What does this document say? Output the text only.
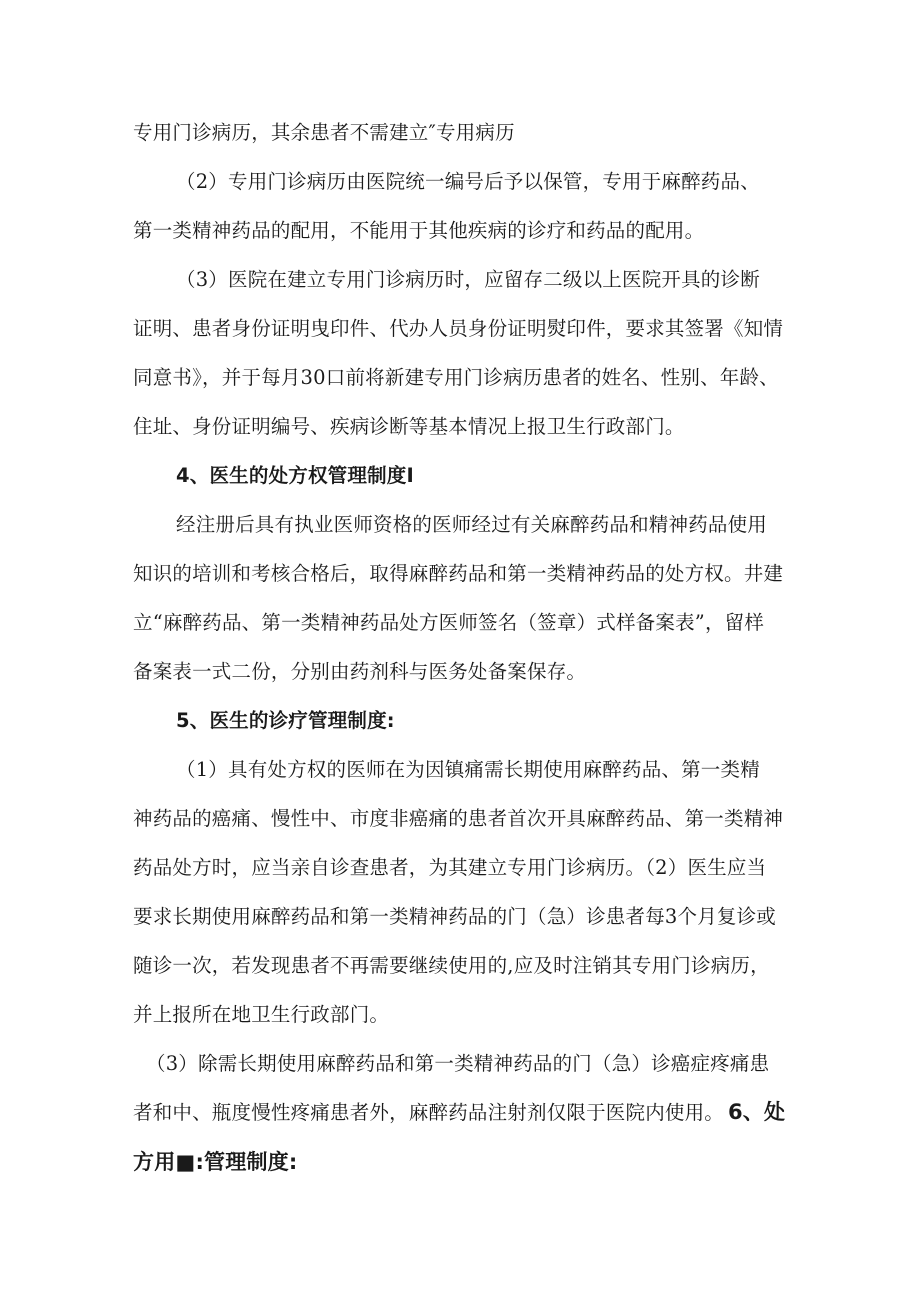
专用门诊病历，其余患者不需建立″专用病历
（2）专用门诊病历由医院统一编号后予以保管，专用于麻醉药品、
第一类精神药品的配用，不能用于其他疾病的诊疗和药品的配用。
（3）医院在建立专用门诊病历时，应留存二级以上医院开具的诊断
证明、患者身份证明曳印件、代办人员身份证明熨印件，要求其签署《知情
同意书》，并于每月30口前将新建专用门诊病历患者的姓名、性别、年龄、
住址、身份证明编号、疾病诊断等基本情况上报卫生行政部门。
4、医生的处方权管理制度I
经注册后具有执业医师资格的医师经过有关麻醉药品和精神药品使用
知识的培训和考核合格后，取得麻醉药品和第一类精神药品的处方权。井建
立“麻醉药品、第一类精神药品处方医师签名（签章）式样备案表”，留样
备案表一式二份，分别由药剂科与医务处备案保存。
5、医生的诊疗管理制度:
（1）具有处方权的医师在为因镇痛需长期使用麻醉药品、第一类精
神药品的癌痛、慢性中、市度非癌痛的患者首次开具麻醉药品、第一类精神
药品处方时，应当亲自诊查患者，为其建立专用门诊病历。（2）医生应当
要求长期使用麻醉药品和第一类精神药品的门（急）诊患者每3个月复诊或
随诊一次，若发现患者不再需要继续使用的,应及时注销其专用门诊病历，
并上报所在地卫生行政部门。
（3）除需长期使用麻醉药品和第一类精神药品的门（急）诊癌症疼痛患
者和中、瓶度慢性疼痛患者外，麻醉药品注射剂仅限于医院内使用。 6、处
方用■:管理制度:
